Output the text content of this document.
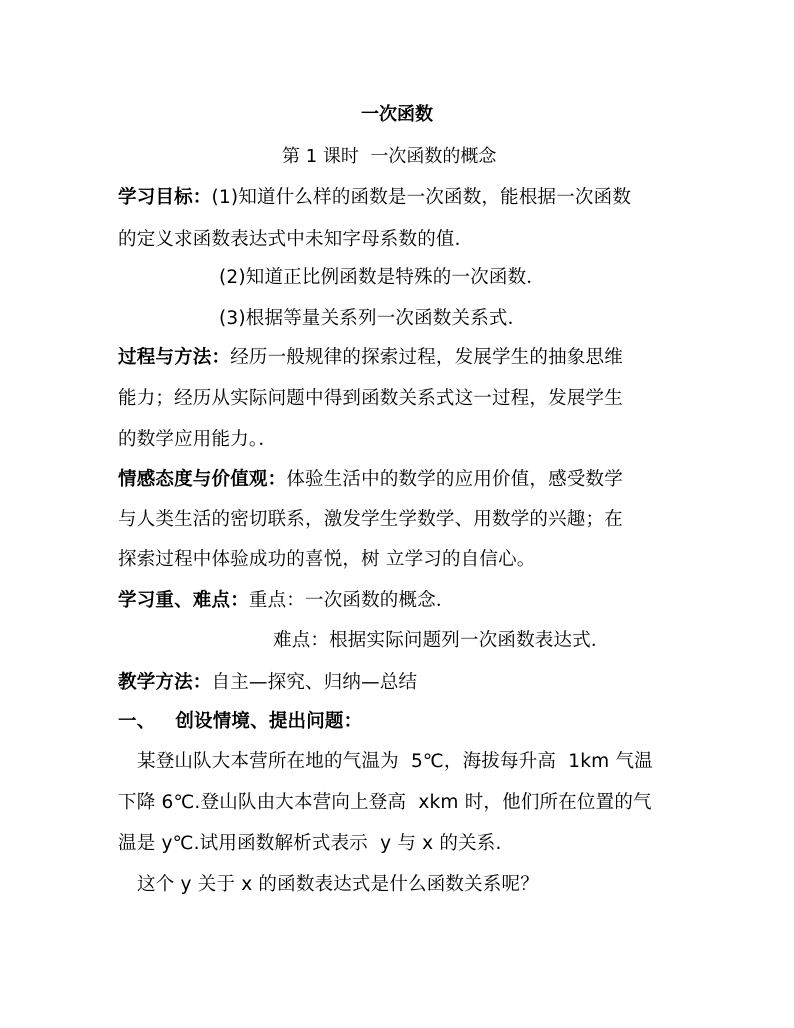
一次函数
第 1 课时  一次函数的概念
学习目标：(1)知道什么样的函数是一次函数，能根据一次函数
的定义求函数表达式中未知字母系数的值．
(2)知道正比例函数是特殊的一次函数．
(3)根据等量关系列一次函数关系式．
过程与方法：经历一般规律的探索过程，发展学生的抽象思维
能力；经历从实际问题中得到函数关系式这一过程，发展学生
的数学应用能力。．
情感态度与价值观：体验生活中的数学的应用价值，感受数学
与人类生活的密切联系，激发学生学数学、用数学的兴趣；在
探索过程中体验成功的喜悦，树 立学习的自信心。
学习重、难点：重点：一次函数的概念．
难点：根据实际问题列一次函数表达式．
教学方法：自主—探究、归纳—总结
一、   创设情境、提出问题：
某登山队大本营所在地的气温为  5℃，海拔每升高  1km 气温
下降 6℃.登山队由大本营向上登高  xkm 时，他们所在位置的气
温是 y℃.试用函数解析式表示  y 与 x 的关系.
这个 y 关于 x 的函数表达式是什么函数关系呢？
